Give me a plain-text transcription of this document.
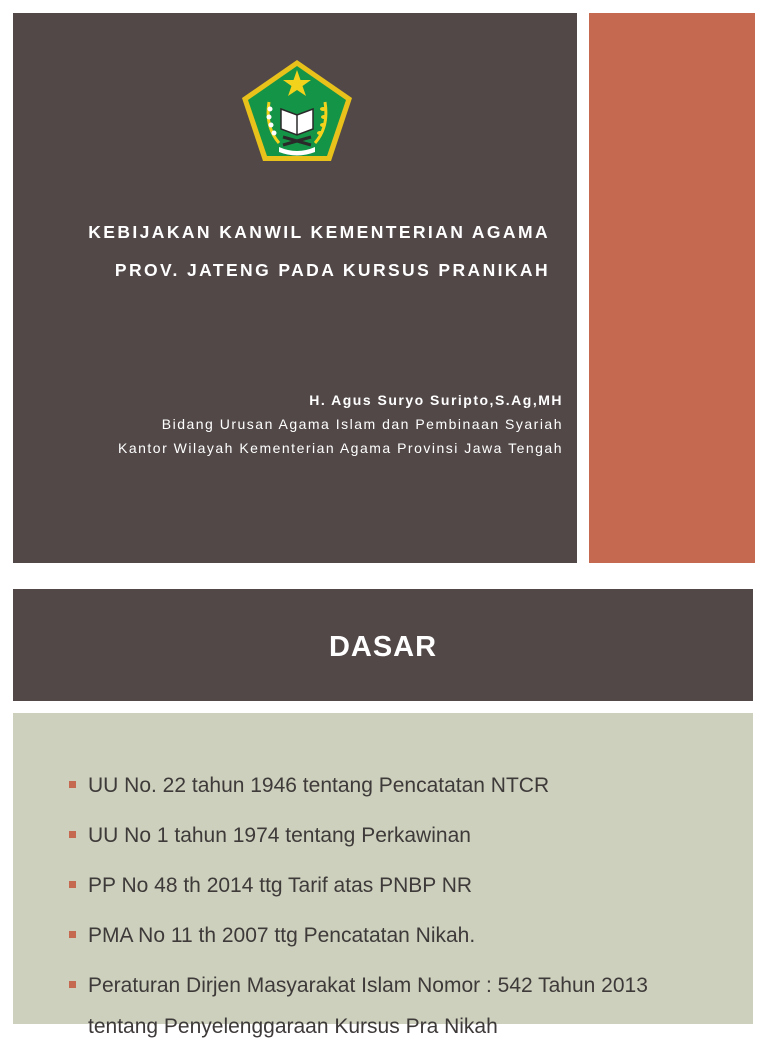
KEBIJAKAN KANWIL KEMENTERIAN AGAMA
PROV. JATENG PADA KURSUS PRANIKAH
H. Agus Suryo Suripto,S.Ag,MH
Bidang Urusan Agama Islam dan Pembinaan Syariah
Kantor Wilayah Kementerian Agama Provinsi Jawa Tengah
DASAR
UU No. 22 tahun 1946 tentang Pencatatan NTCR
UU No 1 tahun 1974 tentang Perkawinan
PP No 48 th 2014 ttg Tarif atas PNBP NR
PMA No 11 th 2007 ttg Pencatatan Nikah.
Peraturan Dirjen Masyarakat Islam Nomor : 542 Tahun 2013 tentang Penyelenggaraan Kursus Pra Nikah
